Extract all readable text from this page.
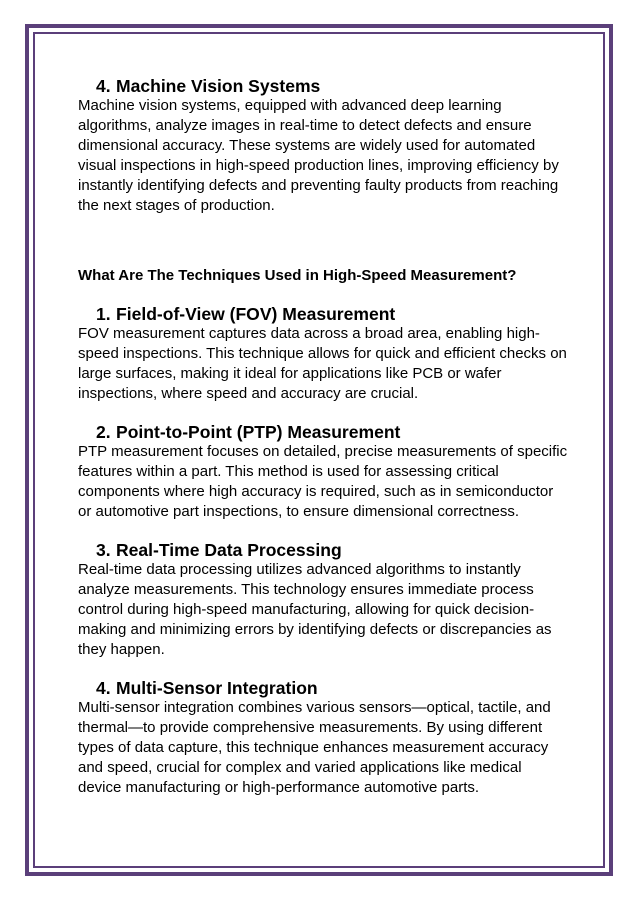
4. Machine Vision Systems

Machine vision systems, equipped with advanced deep learning algorithms, analyze images in real-time to detect defects and ensure dimensional accuracy. These systems are widely used for automated visual inspections in high-speed production lines, improving efficiency by instantly identifying defects and preventing faulty products from reaching the next stages of production.

What Are The Techniques Used in High-Speed Measurement?
1. Field-of-View (FOV) Measurement

FOV measurement captures data across a broad area, enabling high-speed inspections. This technique allows for quick and efficient checks on large surfaces, making it ideal for applications like PCB or wafer inspections, where speed and accuracy are crucial.

2. Point-to-Point (PTP) Measurement

PTP measurement focuses on detailed, precise measurements of specific features within a part. This method is used for assessing critical components where high accuracy is required, such as in semiconductor or automotive part inspections, to ensure dimensional correctness.

3. Real-Time Data Processing

Real-time data processing utilizes advanced algorithms to instantly analyze measurements. This technology ensures immediate process control during high-speed manufacturing, allowing for quick decision-making and minimizing errors by identifying defects or discrepancies as they happen.

4. Multi-Sensor Integration

Multi-sensor integration combines various sensors—optical, tactile, and thermal—to provide comprehensive measurements. By using different types of data capture, this technique enhances measurement accuracy and speed, crucial for complex and varied applications like medical device manufacturing or high-performance automotive parts.
